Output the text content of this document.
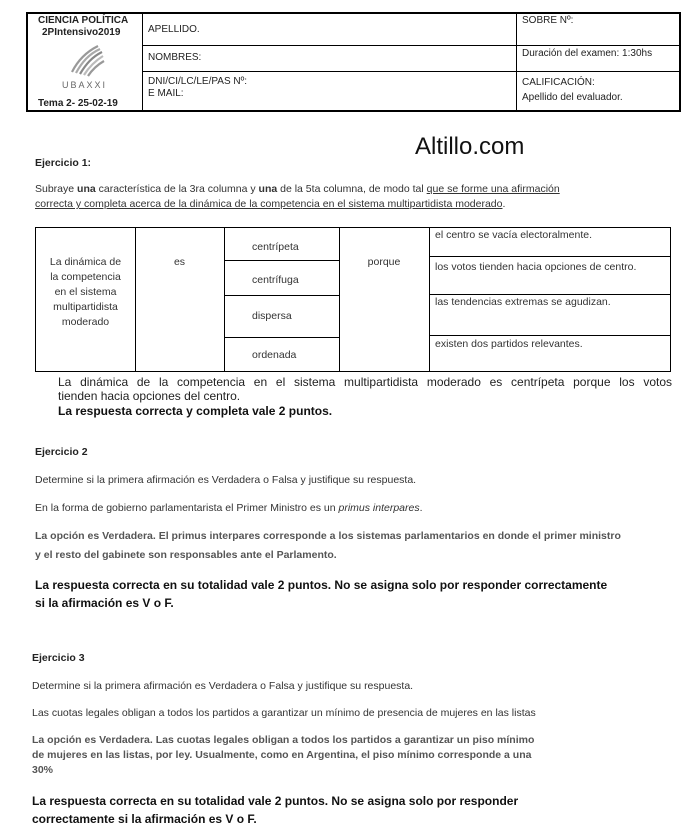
CIENCIA POLÍTICA
2PIntensivo2019
UBAXXI
Tema 2- 25-02-19
APELLIDO.
NOMBRES:
DNI/CI/LC/LE/PAS Nº:
E MAIL:
SOBRE Nº:
Duración del examen: 1:30hs
CALIFICACIÓN:
Apellido del evaluador.
Altillo.com
Ejercicio 1:
Subraye una característica de la 3ra columna y una de la 5ta columna, de modo tal que se forme una afirmación
correcta y completa acerca de la dinámica de la competencia en el sistema multipartidista moderado.
La dinámica de
la competencia
en el sistema
multipartidista
moderado
es
centrípeta
centrífuga
dispersa
ordenada
porque
el centro se vacía electoralmente.
los votos tienden hacia opciones de centro.
las tendencias extremas se agudizan.
existen dos partidos relevantes.
La dinámica de la competencia en el sistema multipartidista moderado es centrípeta porque los votos
tienden hacia opciones del centro.
La respuesta correcta y completa vale 2 puntos.
Ejercicio 2
Determine si la primera afirmación es Verdadera o Falsa y justifique su respuesta.
En la forma de gobierno parlamentarista el Primer Ministro es un primus interpares.
La opción es Verdadera. El primus interpares corresponde a los sistemas parlamentarios en donde el primer ministro
y el resto del gabinete son responsables ante el Parlamento.
La respuesta correcta en su totalidad vale 2 puntos. No se asigna solo por responder correctamente
si la afirmación es V o F.
Ejercicio 3
Determine si la primera afirmación es Verdadera o Falsa y justifique su respuesta.
Las cuotas legales obligan a todos los partidos a garantizar un mínimo de presencia de mujeres en las listas
La opción es Verdadera. Las cuotas legales obligan a todos los partidos a garantizar un piso mínimo
de mujeres en las listas, por ley. Usualmente, como en Argentina, el piso mínimo corresponde a una
30%
La respuesta correcta en su totalidad vale 2 puntos. No se asigna solo por responder
correctamente si la afirmación es V o F.
